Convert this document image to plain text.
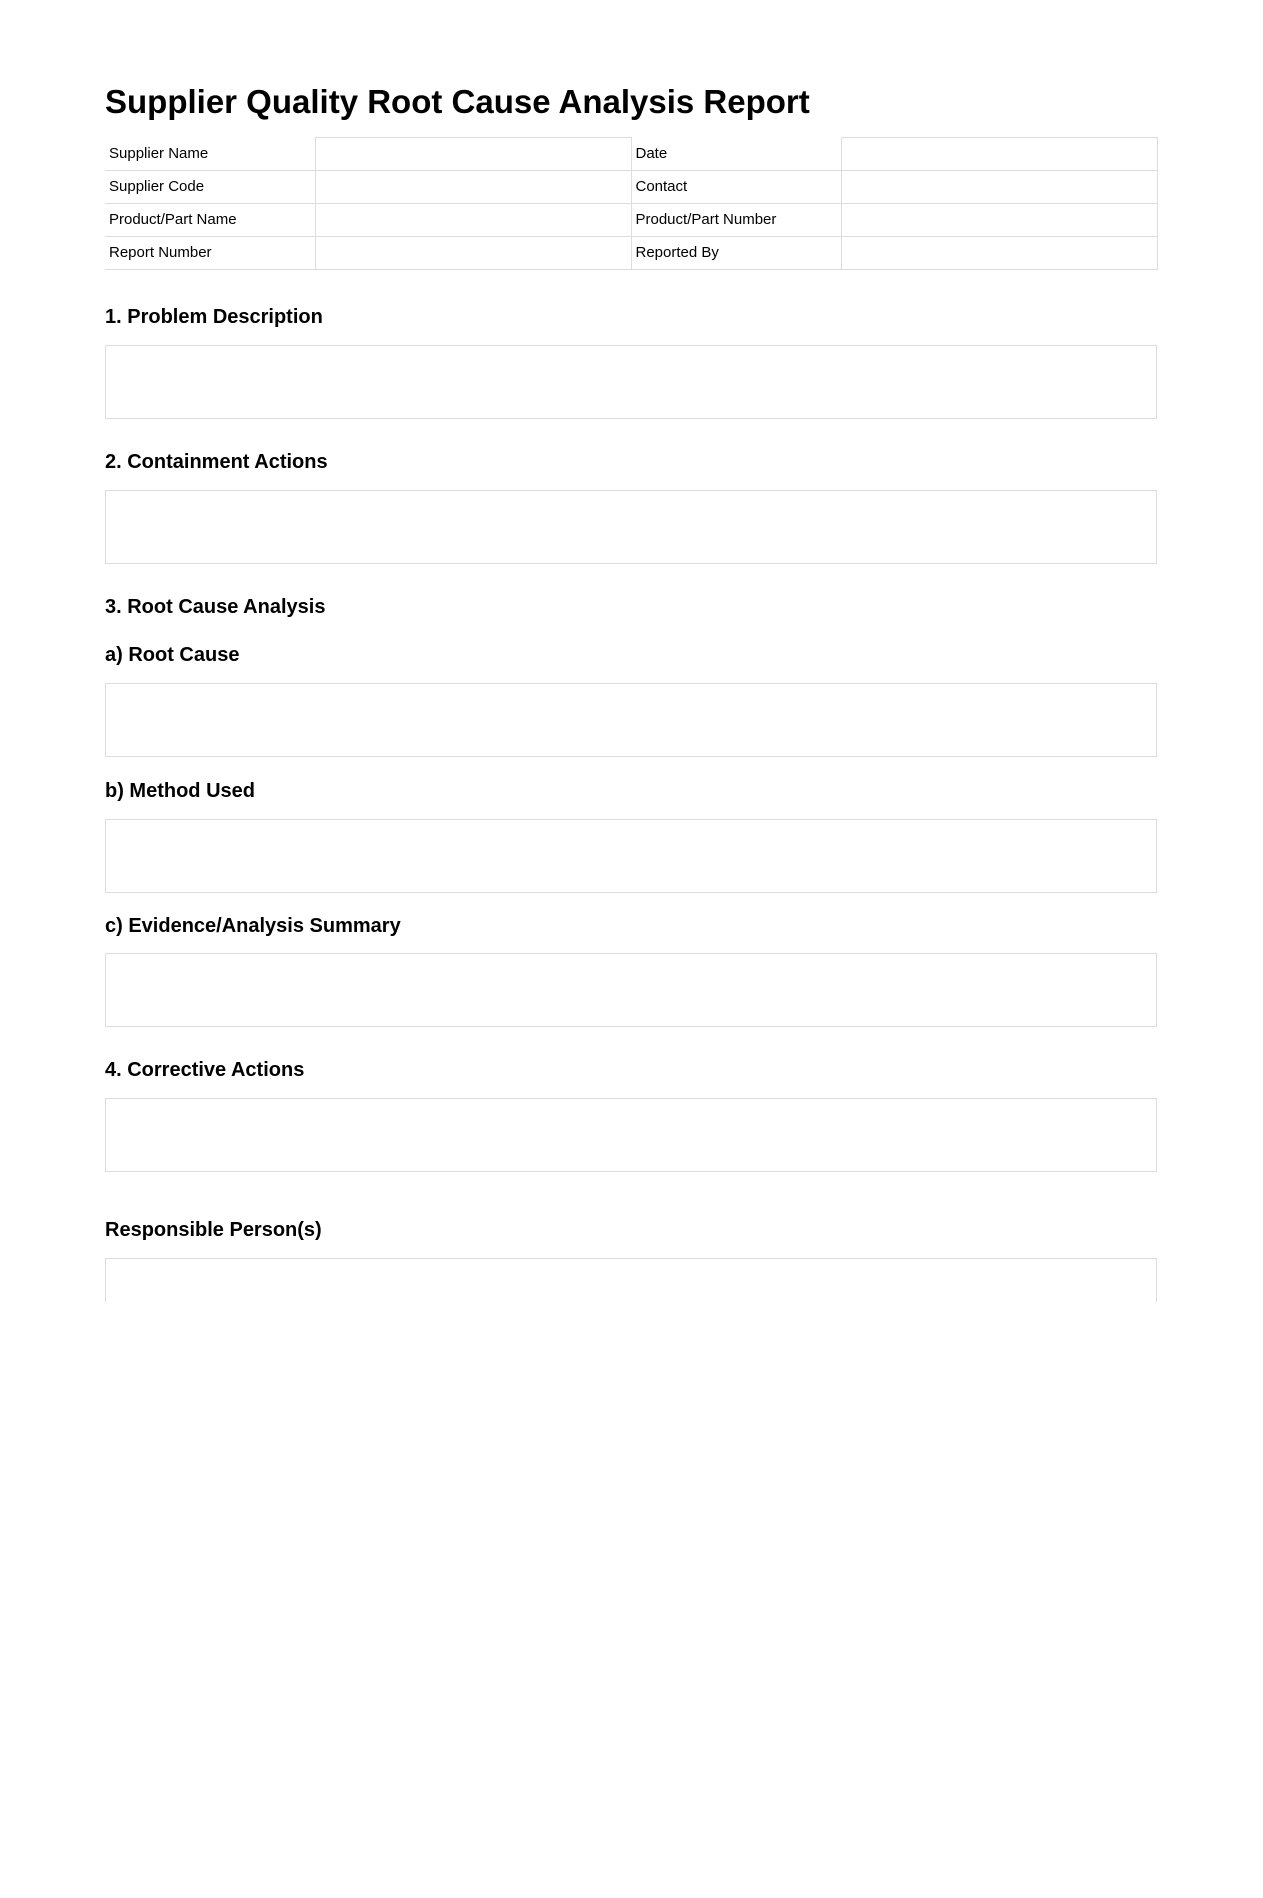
Supplier Quality Root Cause Analysis Report
Supplier Name		Date	
Supplier Code		Contact	
Product/Part Name		Product/Part Number	
Report Number		Reported By	
1. Problem Description
2. Containment Actions
3. Root Cause Analysis
a) Root Cause
b) Method Used
c) Evidence/Analysis Summary
4. Corrective Actions
Responsible Person(s)
